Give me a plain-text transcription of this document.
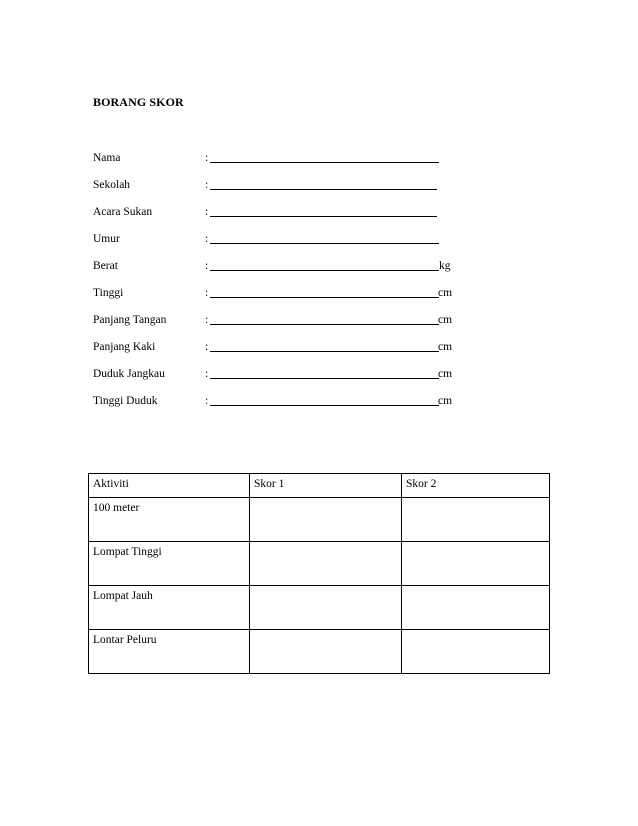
BORANG SKOR
Nama	:
Sekolah	:
Acara Sukan	:
Umur	:
Berat	:	kg
Tinggi	:	cm
Panjang Tangan	:	cm
Panjang Kaki	:	cm
Duduk Jangkau	:	cm
Tinggi Duduk	:	cm
Aktiviti	Skor 1	Skor 2
100 meter		
Lompat Tinggi		
Lompat Jauh		
Lontar Peluru		
